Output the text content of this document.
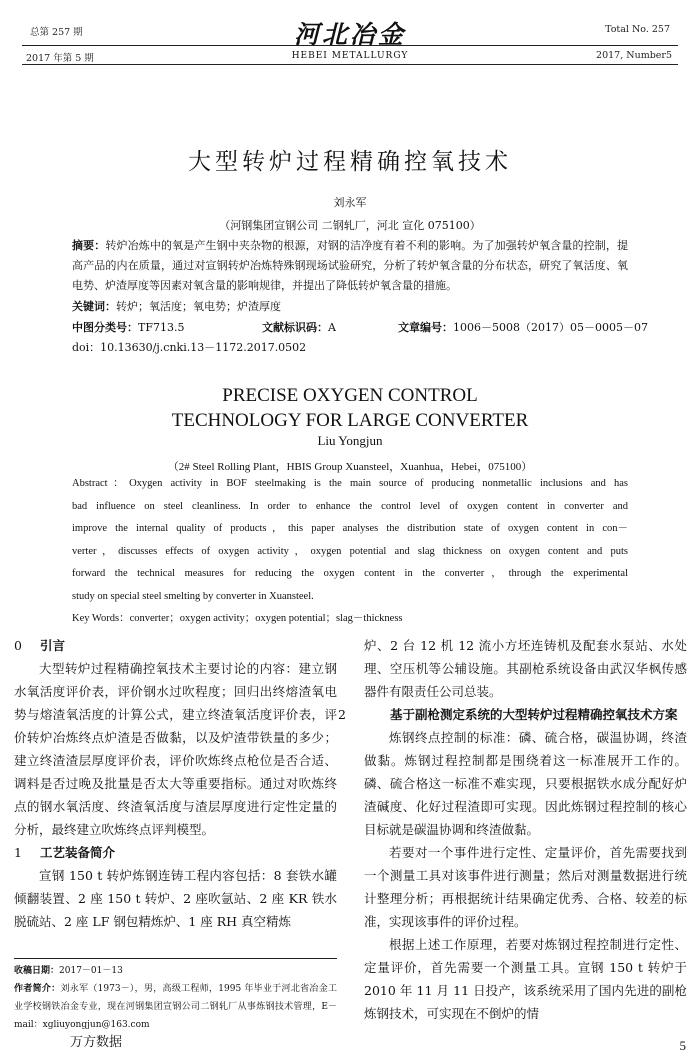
总第 257 期
2017 年第 5 期
河北冶金
HEBEI METALLURGY
Total No. 257
2017, Number5
大型转炉过程精确控氧技术
刘永军
（河钢集团宣钢公司 二钢轧厂，河北 宣化 075100）
摘要：转炉冶炼中的氧是产生钢中夹杂物的根源，对钢的洁净度有着不利的影响。为了加强转炉氧含量的控制，提高产品的内在质量，通过对宣钢转炉冶炼特殊钢现场试验研究，分析了转炉氧含量的分布状态，研究了氧活度、氧电势、炉渣厚度等因素对氧含量的影响规律，并提出了降低转炉氧含量的措施。
关键词：转炉；氧活度；氧电势；炉渣厚度
中图分类号：TF713.5	文献标识码：A	文章编号：1006－5008（2017）05－0005－07
doi：10.13630/j.cnki.13－1172.2017.0502
PRECISE OXYGEN CONTROL
TECHNOLOGY FOR LARGE CONVERTER
Liu Yongjun
（2# Steel Rolling Plant，HBIS Group Xuansteel，Xuanhua，Hebei，075100）
Abstract：Oxygen activity in BOF steelmaking is the main source of producing nonmetallic inclusions and has
bad influence on steel cleanliness. In order to enhance the control level of oxygen content in converter and
improve the internal quality of products，this paper analyses the distribution state of oxygen content in con－
verter，discusses effects of oxygen activity，oxygen potential and slag thickness on oxygen content and puts
forward the technical measures for reducing the oxygen content in the converter，through the experimental
study on special steel smelting by converter in Xuansteel.
Key Words：converter；oxygen activity；oxygen potential；slag－thickness

0 引言

大型转炉过程精确控氧技术主要讨论的内容：建立钢水氧活度评价表，评价钢水过吹程度；回归出终熔渣氧电势与熔渣氧活度的计算公式，建立终渣氧活度评价表，评价转炉冶炼终点炉渣是否做黏，以及炉渣带铁量的多少；建立终渣渣层厚度评价表，评价吹炼终点枪位是否合适、调料是否过晚及批量是否太大等重要指标。通过对吹炼终点的钢水氧活度、终渣氧活度与渣层厚度进行定性定量的分析，最终建立吹炼终点评判模型。

1 工艺装备简介

宣钢 150 t 转炉炼钢连铸工程内容包括：8 套铁水罐倾翻装置、2 座 150 t 转炉、2 座吹氩站、2 座 KR 铁水脱硫站、2 座 LF 钢包精炼炉、1 座 RH 真空精炼

收稿日期：2017－01－13
作者简介：刘永军（1973－），男，高级工程师，1995 年毕业于河北省冶金工业学校钢铁冶金专业，现在河钢集团宣钢公司二钢轧厂从事炼钢技术管理，E－mail：xgliuyongjun@163.com
万方数据

炉、2 台 12 机 12 流小方坯连铸机及配套水泵站、水处理、空压机等公辅设施。其副枪系统设备由武汉华枫传感器件有限责任公司总装。

2	基于副枪测定系统的大型转炉过程精确控氧技术方案

炼钢终点控制的标准：磷、硫合格，碳温协调，终渣做黏。炼钢过程控制都是围绕着这一标准展开工作的。磷、硫合格这一标准不难实现，只要根据铁水成分配好炉渣碱度、化好过程渣即可实现。因此炼钢过程控制的核心目标就是碳温协调和终渣做黏。

若要对一个事件进行定性、定量评价，首先需要找到一个测量工具对该事件进行测量；然后对测量数据进行统计整理分析；再根据统计结果确定优秀、合格、较差的标准，实现该事件的评价过程。

根据上述工作原理，若要对炼钢过程控制进行定性、定量评价，首先需要一个测量工具。宣钢 150 t 转炉于 2010 年 11 月 11 日投产，该系统采用了国内先进的副枪炼钢技术，可实现在不倒炉的情

5
